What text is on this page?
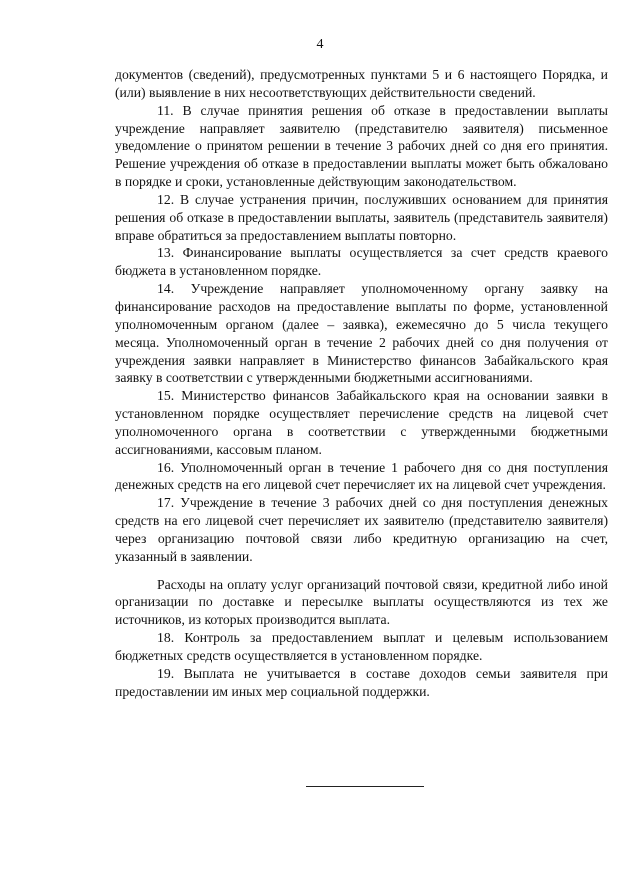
4

документов (сведений), предусмотренных пунктами 5 и 6 настоящего Порядка, и (или) выявление в них несоответствующих действительности сведений.

11. В случае принятия решения об отказе в предоставлении выплаты учреждение направляет заявителю (представителю заявителя) письменное уведомление о принятом решении в течение 3 рабочих дней со дня его принятия. Решение учреждения об отказе в предоставлении выплаты может быть обжаловано в порядке и сроки, установленные действующим законодательством.

12. В случае устранения причин, послуживших основанием для принятия решения об отказе в предоставлении выплаты, заявитель (представитель заявителя) вправе обратиться за предоставлением выплаты повторно.

13. Финансирование выплаты осуществляется за счет средств краевого бюджета в установленном порядке.

14. Учреждение направляет уполномоченному органу заявку на финансирование расходов на предоставление выплаты по форме, установленной уполномоченным органом (далее – заявка), ежемесячно до 5 числа текущего месяца. Уполномоченный орган в течение 2 рабочих дней со дня получения от учреждения заявки направляет в Министерство финансов Забайкальского края заявку в соответствии с утвержденными бюджетными ассигнованиями.

15. Министерство финансов Забайкальского края на основании заявки в установленном порядке осуществляет перечисление средств на лицевой счет уполномоченного органа в соответствии с утвержденными бюджетными ассигнованиями, кассовым планом.

16. Уполномоченный орган в течение 1 рабочего дня со дня поступления денежных средств на его лицевой счет перечисляет их на лицевой счет учреждения.

17. Учреждение в течение 3 рабочих дней со дня поступления денежных средств на его лицевой счет перечисляет их заявителю (представителю заявителя) через организацию почтовой связи либо кредитную организацию на счет, указанный в заявлении.

Расходы на оплату услуг организаций почтовой связи, кредитной либо иной организации по доставке и пересылке выплаты осуществляются из тех же источников, из которых производится выплата.

18. Контроль за предоставлением выплат и целевым использованием бюджетных средств осуществляется в установленном порядке.

19. Выплата не учитывается в составе доходов семьи заявителя при предоставлении им иных мер социальной поддержки.
